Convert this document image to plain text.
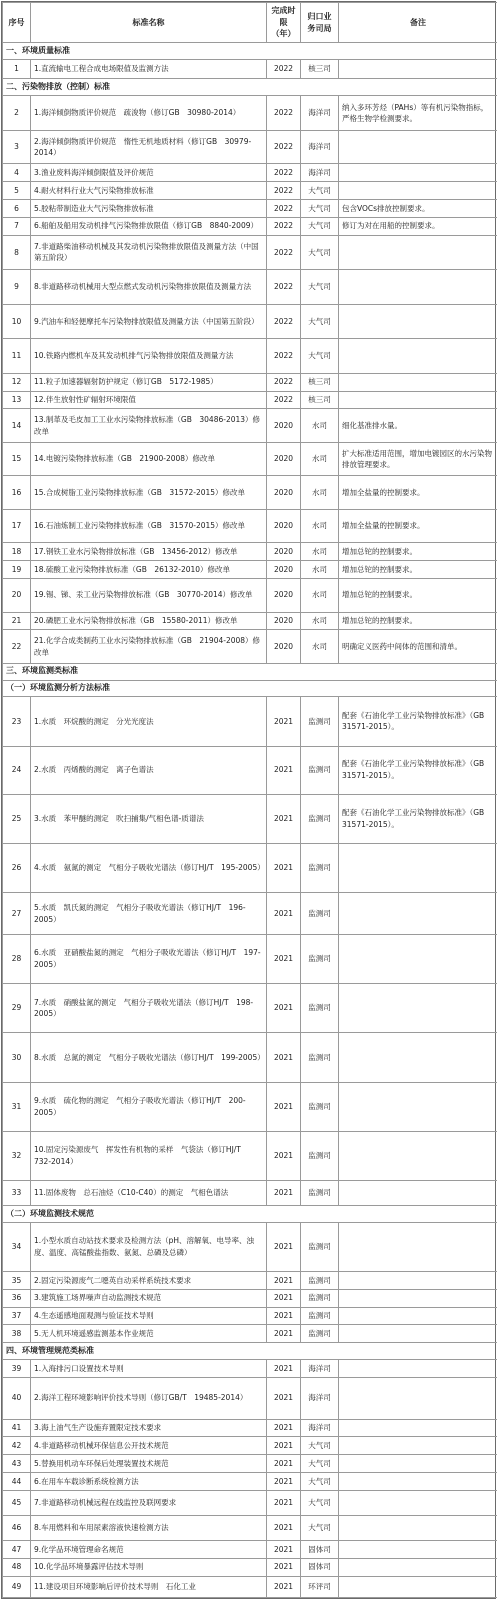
序号	标准名称	完成时限（年）	归口业务司局	备注
一、环境质量标准				
1	1.直流输电工程合成电场限值及监测方法	2022	核三司	
二、污染物排放（控制）标准				
2	1.海洋倾倒物质评价规范　疏浚物（修订GB　30980-2014）	2022	海洋司	纳入多环芳烃（PAHs）等有机污染物指标，严格生物学检测要求。
3	2.海洋倾倒物质评价规范　惰性无机地质材料（修订GB　30979-2014）	2022	海洋司	
4	3.渔业废料海洋倾倒限值及评价规范	2022	海洋司	
5	4.耐火材料行业大气污染物排放标准	2022	大气司	
6	5.胶粘带制造业大气污染物排放标准	2022	大气司	包含VOCs排放控制要求。
7	6.船舶及船用发动机排气污染物排放限值（修订GB　8840-2009）	2022	大气司	修订为对在用船的控制要求。
8	7.非道路柴油移动机械及其发动机污染物排放限值及测量方法（中国第五阶段）	2022	大气司	
9	8.非道路移动机械用大型点燃式发动机污染物排放限值及测量方法	2022	大气司	
10	9.汽油车和轻便摩托车污染物排放限值及测量方法（中国第五阶段）	2022	大气司	
11	10.铁路内燃机车及其发动机排气污染物排放限值及测量方法	2022	大气司	
12	11.粒子加速器辐射防护规定（修订GB　5172-1985）	2022	核三司	
13	12.伴生放射性矿辐射环境限值	2022	核三司	
14	13.制革及毛皮加工工业水污染物排放标准（GB　30486-2013）修改单	2020	水司	细化基准排水量。
15	14.电镀污染物排放标准（GB　21900-2008）修改单	2020	水司	扩大标准适用范围，增加电镀园区的水污染物排放管理要求。
16	15.合成树脂工业污染物排放标准（GB　31572-2015）修改单	2020	水司	增加全盐量的控制要求。
17	16.石油炼制工业污染物排放标准（GB　31570-2015）修改单	2020	水司	增加全盐量的控制要求。
18	17.钢铁工业水污染物排放标准（GB　13456-2012）修改单	2020	水司	增加总铊的控制要求。
19	18.硫酸工业污染物排放标准（GB　26132-2010）修改单	2020	水司	增加总铊的控制要求。
20	19.锡、锑、汞工业污染物排放标准（GB　30770-2014）修改单	2020	水司	增加总铊的控制要求。
21	20.磷肥工业水污染物排放标准（GB　15580-2011）修改单	2020	水司	增加总铊的控制要求。
22	21.化学合成类制药工业水污染物排放标准（GB　21904-2008）修改单	2020	水司	明确定义医药中间体的范围和清单。
三、环境监测类标准				
（一）环境监测分析方法标准				
23	1.水质　环烷酸的测定　分光光度法	2021	监测司	配套《石油化学工业污染物排放标准》（GB　31571-2015）。
24	2.水质　丙烯酸的测定　离子色谱法	2021	监测司	配套《石油化学工业污染物排放标准》（GB　31571-2015）。
25	3.水质　苯甲醚的测定　吹扫捕集/气相色谱-质谱法	2021	监测司	配套《石油化学工业污染物排放标准》（GB　31571-2015）。
26	4.水质　氨氮的测定　气相分子吸收光谱法（修订HJ/T　195-2005）	2021	监测司	
27	5.水质　凯氏氮的测定　气相分子吸收光谱法（修订HJ/T　196-2005）	2021	监测司	
28	6.水质　亚硝酸盐氮的测定　气相分子吸收光谱法（修订HJ/T　197-2005）	2021	监测司	
29	7.水质　硝酸盐氮的测定　气相分子吸收光谱法（修订HJ/T　198-2005）	2021	监测司	
30	8.水质　总氮的测定　气相分子吸收光谱法（修订HJ/T　199-2005）	2021	监测司	
31	9.水质　硫化物的测定　气相分子吸收光谱法（修订HJ/T　200-2005）	2021	监测司	
32	10.固定污染源废气　挥发性有机物的采样　气袋法（修订HJ/T　732-2014）	2021	监测司	
33	11.固体废物　总石油烃（C10-C40）的测定　气相色谱法	2021	监测司	
（二）环境监测技术规范				
34	1.小型水质自动站技术要求及检测方法（pH、溶解氧、电导率、浊度、温度、高锰酸盐指数、氨氮、总磷及总磷）	2021	监测司	
35	2.固定污染源废气二噁英自动采样系统技术要求	2021	监测司	
36	3.建筑施工场界噪声自动监测技术规范	2021	监测司	
37	4.生态遥感地面观测与验证技术导则	2021	监测司	
38	5.无人机环境遥感监测基本作业规范	2021	监测司	
四、环境管理规范类标准				
39	1.入海排污口设置技术导则	2021	海洋司	
40	2.海洋工程环境影响评价技术导则（修订GB/T　19485-2014）	2021	海洋司	
41	3.海上油气生产设施弃置限定技术要求	2021	海洋司	
42	4.非道路移动机械环保信息公开技术规范	2021	大气司	
43	5.替换用机动车环保后处理装置技术规范	2021	大气司	
44	6.在用车车载诊断系统检测方法	2021	大气司	
45	7.非道路移动机械远程在线监控及联网要求	2021	大气司	
46	8.车用燃料和车用尿素溶液快速检测方法	2021	大气司	
47	9.化学品环境管理命名规范	2021	固体司	
48	10.化学品环境暴露评估技术导则	2021	固体司	
49	11.建设项目环境影响后评价技术导则　石化工业	2021	环评司	
